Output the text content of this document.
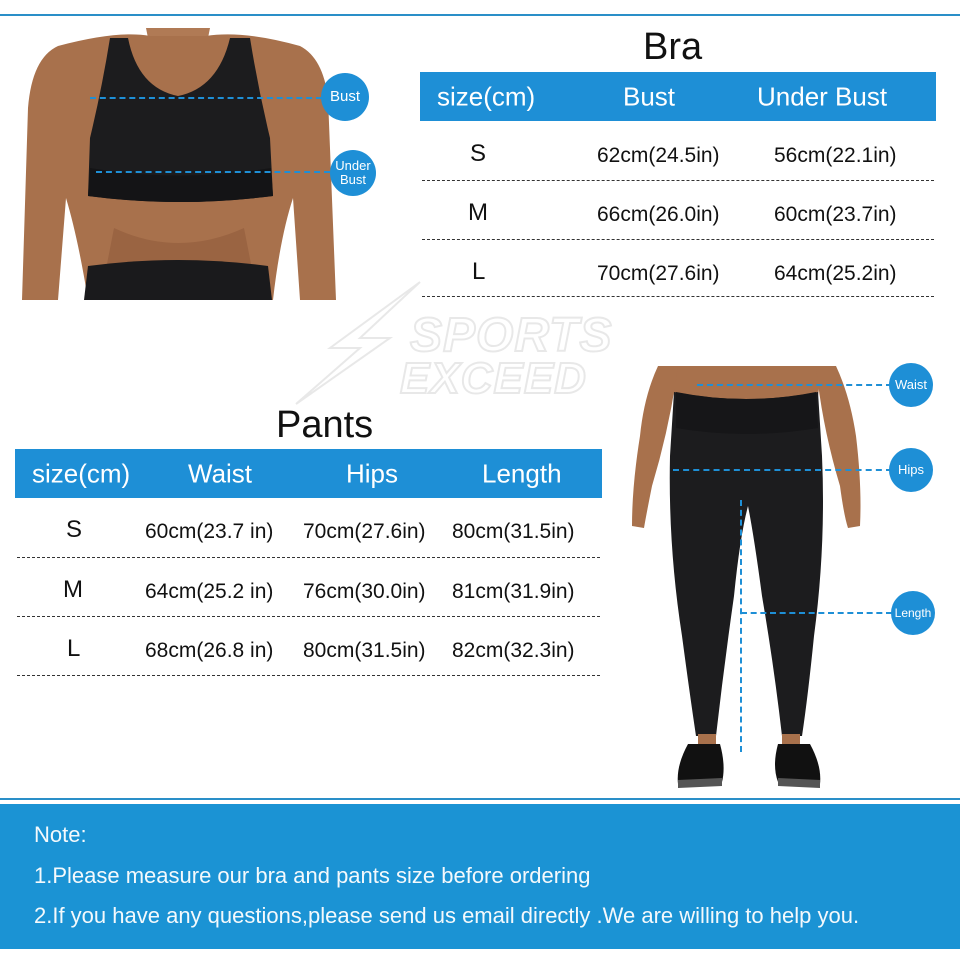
Bust
Under
Bust
Bra
size(cm)	Bust	Under Bust
S	62cm(24.5in)	56cm(22.1in)
M	66cm(26.0in)	60cm(23.7in)
L	70cm(27.6in)	64cm(25.2in)
SPORTS
EXCEED
Pants
size(cm) Waist	Hips	Length
S	60cm(23.7 in) 70cm(27.6in) 80cm(31.5in)
M	64cm(25.2 in) 76cm(30.0in) 81cm(31.9in)
L	68cm(26.8 in) 80cm(31.5in) 82cm(32.3in)
Waist
Hips
Length
Note:
1.Please measure our bra and pants size before ordering
2.If you have any questions,please send us email directly .We are willing to help you.
